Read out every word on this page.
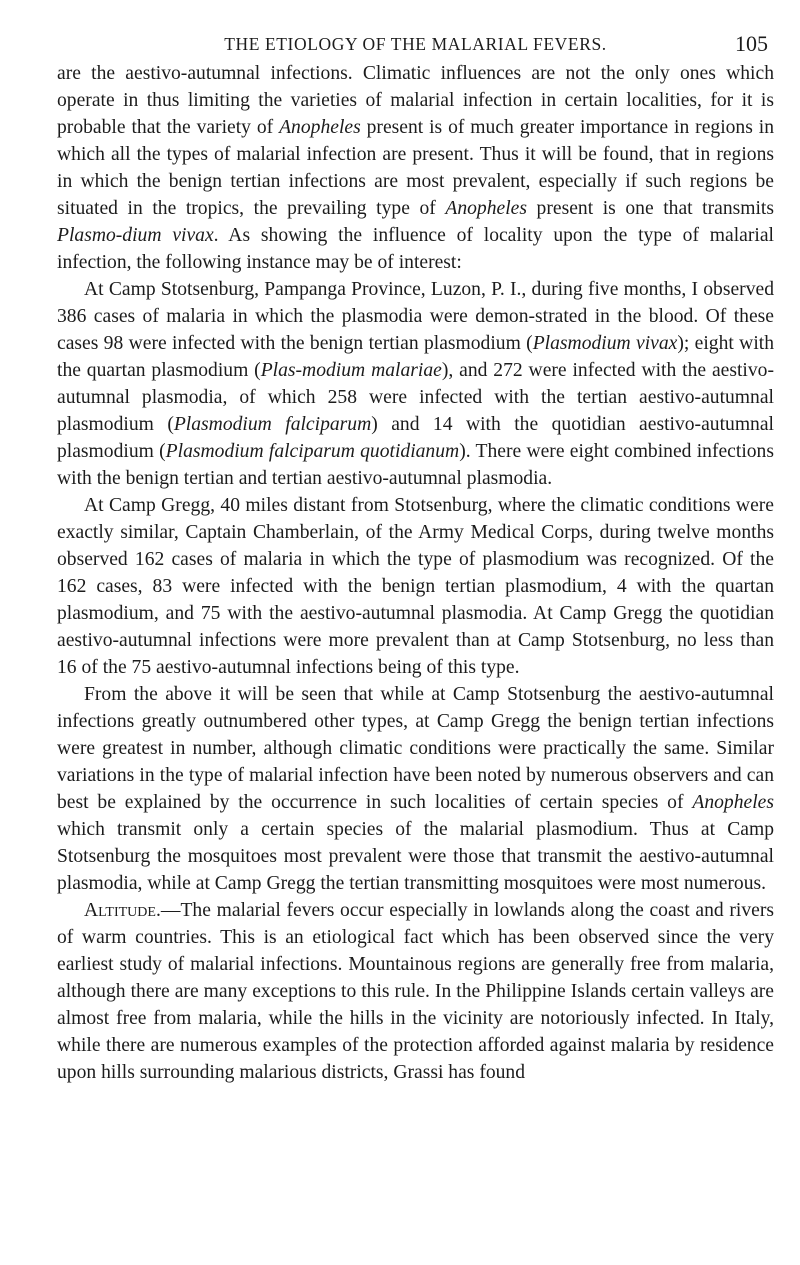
THE ETIOLOGY OF THE MALARIAL FEVERS.	105

are the aestivo-autumnal infections. Climatic influences are not the only ones which operate in thus limiting the varieties of malarial infection in certain localities, for it is probable that the variety of Anopheles present is of much greater importance in regions in which all the types of malarial infection are present. Thus it will be found, that in regions in which the benign tertian infections are most prevalent, especially if such regions be situated in the tropics, the prevailing type of Anopheles present is one that transmits Plasmo-dium vivax. As showing the influence of locality upon the type of malarial infection, the following instance may be of interest:

At Camp Stotsenburg, Pampanga Province, Luzon, P. I., during five months, I observed 386 cases of malaria in which the plasmodia were demon-strated in the blood. Of these cases 98 were infected with the benign tertian plasmodium (Plasmodium vivax); eight with the quartan plasmodium (Plas-modium malariae), and 272 were infected with the aestivo-autumnal plasmodia, of which 258 were infected with the tertian aestivo-autumnal plasmodium (Plasmodium falciparum) and 14 with the quotidian aestivo-autumnal plasmodium (Plasmodium falciparum quotidianum). There were eight combined infections with the benign tertian and tertian aestivo-autumnal plasmodia.

At Camp Gregg, 40 miles distant from Stotsenburg, where the climatic conditions were exactly similar, Captain Chamberlain, of the Army Medical Corps, during twelve months observed 162 cases of malaria in which the type of plasmodium was recognized. Of the 162 cases, 83 were infected with the benign tertian plasmodium, 4 with the quartan plasmodium, and 75 with the aestivo-autumnal plasmodia. At Camp Gregg the quotidian aestivo-autumnal infections were more prevalent than at Camp Stotsenburg, no less than 16 of the 75 aestivo-autumnal infections being of this type.

From the above it will be seen that while at Camp Stotsenburg the aestivo-autumnal infections greatly outnumbered other types, at Camp Gregg the benign tertian infections were greatest in number, although climatic conditions were practically the same. Similar variations in the type of malarial infection have been noted by numerous observers and can best be explained by the occurrence in such localities of certain species of Anopheles which transmit only a certain species of the malarial plasmodium. Thus at Camp Stotsenburg the mosquitoes most prevalent were those that transmit the aestivo-autumnal plasmodia, while at Camp Gregg the tertian transmitting mosquitoes were most numerous.

Altitude.—The malarial fevers occur especially in lowlands along the coast and rivers of warm countries. This is an etiological fact which has been observed since the very earliest study of malarial infections. Mountainous regions are generally free from malaria, although there are many exceptions to this rule. In the Philippine Islands certain valleys are almost free from malaria, while the hills in the vicinity are notoriously infected. In Italy, while there are numerous examples of the protection afforded against malaria by residence upon hills surrounding malarious districts, Grassi has found
